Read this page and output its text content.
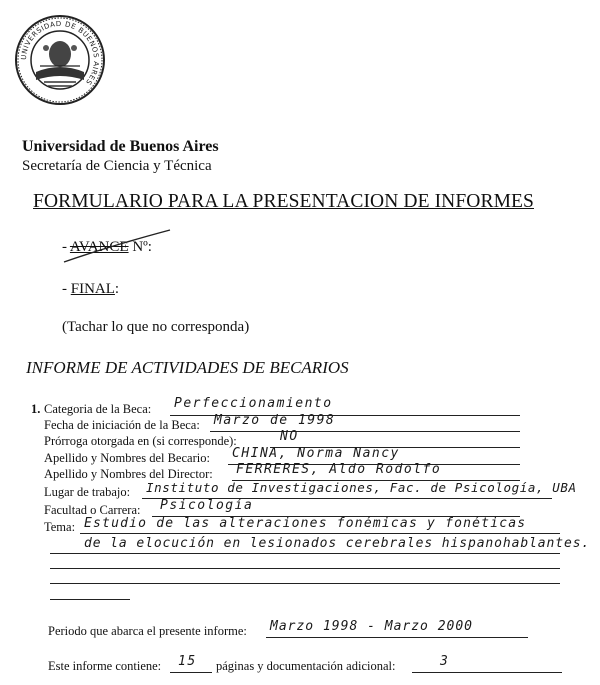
UNIVERSIDAD DE BUENOS AIRES
Universidad de Buenos Aires
Secretaría de Ciencia y Técnica
FORMULARIO PARA LA PRESENTACION DE INFORMES
- AVANCE Nº:
- FINAL:
(Tachar lo que no corresponda)
INFORME DE ACTIVIDADES DE BECARIOS
1. Categoria de la Beca: Perfeccionamiento
Fecha de iniciación de la Beca: Marzo de 1998
Prórroga otorgada en (si corresponde):	NO
Apellido y Nombres del Becario: CHINA, Norma Nancy
Apellido y Nombres del Director: FERRERES, Aldo Rodolfo
Lugar de trabajo: Instituto de Investigaciones, Fac. de Psicología, UBA
Facultad o Carrera: Psicología
Tema: Estudio de las alteraciones fonémicas y fonéticas
de la elocución en lesionados cerebrales hispanohablantes.
Periodo que abarca el presente informe: Marzo 1998 - Marzo 2000
Este informe contiene: 15 páginas y documentación adicional:	3
